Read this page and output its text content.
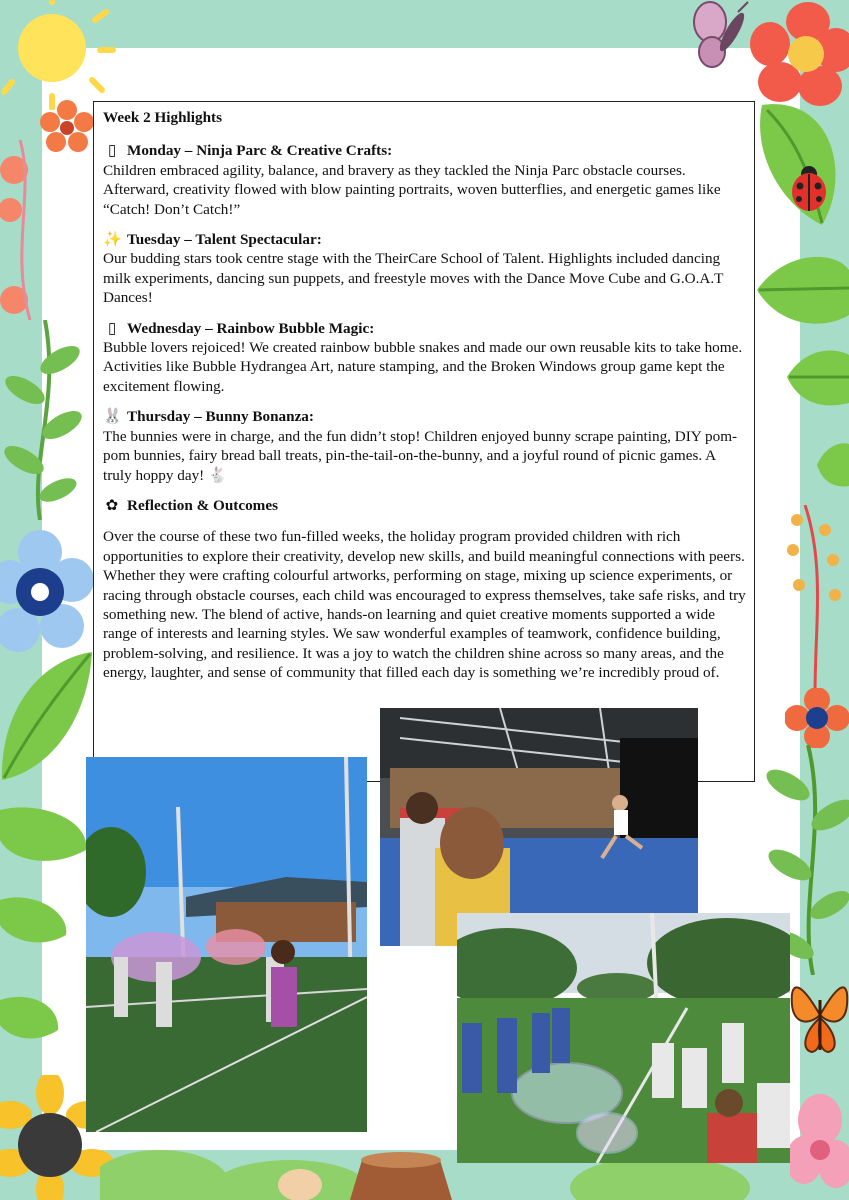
Week 2 Highlights

▯ Monday – Ninja Parc & Creative Crafts:

Children embraced agility, balance, and bravery as they tackled the Ninja Parc obstacle courses. Afterward, creativity flowed with blow painting portraits, woven butterflies, and energetic games like “Catch! Don’t Catch!”

✨ Tuesday – Talent Spectacular:

Our budding stars took centre stage with the TheirCare School of Talent. Highlights included dancing milk experiments, dancing sun puppets, and freestyle moves with the Dance Move Cube and G.O.A.T Dances!

▯ Wednesday – Rainbow Bubble Magic:

Bubble lovers rejoiced! We created rainbow bubble snakes and made our own reusable kits to take home. Activities like Bubble Hydrangea Art, nature stamping, and the Broken Windows group game kept the excitement flowing.

🐰 Thursday – Bunny Bonanza:

The bunnies were in charge, and the fun didn’t stop! Children enjoyed bunny scrape painting, DIY pom-pom bunnies, fairy bread ball treats, pin-the-tail-on-the-bunny, and a joyful round of picnic games. A truly hoppy day! 🐇

✿ Reflection & Outcomes

Over the course of these two fun-filled weeks, the holiday program provided children with rich opportunities to explore their creativity, develop new skills, and build meaningful connections with peers. Whether they were crafting colourful artworks, performing on stage, mixing up science experiments, or racing through obstacle courses, each child was encouraged to express themselves, take safe risks, and try something new. The blend of active, hands-on learning and quiet creative moments supported a wide range of interests and learning styles. We saw wonderful examples of teamwork, confidence building, problem-solving, and resilience. It was a joy to watch the children shine across so many areas, and the energy, laughter, and sense of community that filled each day is something we’re incredibly proud of.
